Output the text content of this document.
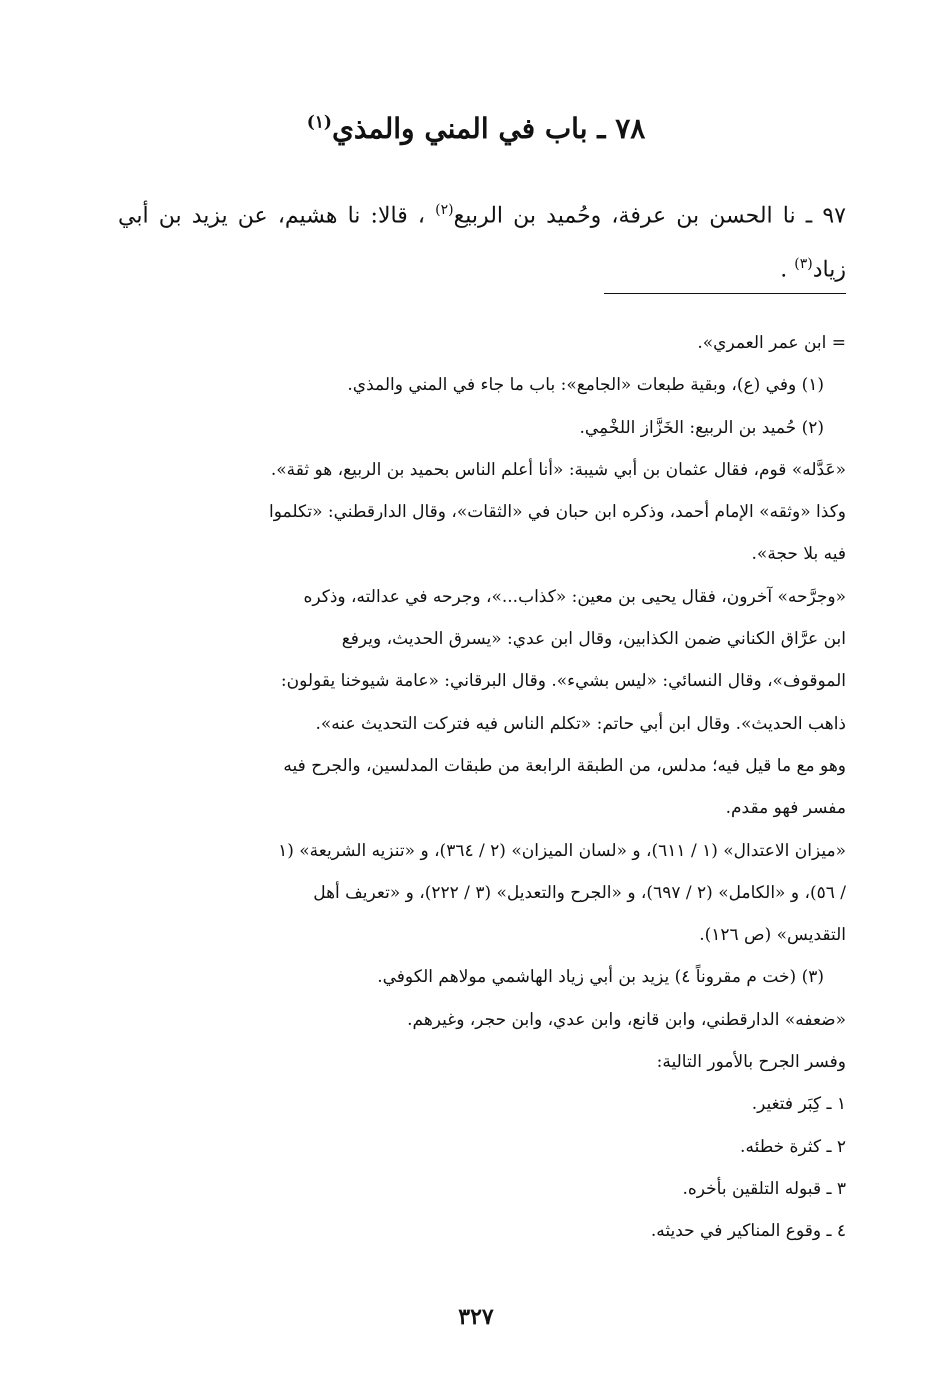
٧٨ ـ باب في المني والمذي$^{(١)}$
٩٧ ـ نا الحسن بن عرفة، وحُميد بن الربيع$^{(٢)}$ ، قالا: نا هشيم، عن يزيد بن أبي زياد$^{(٣)}$ .
= ابن عمر العمري».
(١) وفي (ع)، وبقية طبعات «الجامع»: باب ما جاء في المني والمذي.
(٢) حُميد بن الربيع: الخَزَّاز اللخْمِي.
«عَدَّله» قوم، فقال عثمان بن أبي شيبة: «أنا أعلم الناس بحميد بن الربيع، هو ثقة».
وكذا «وثقه» الإمام أحمد، وذكره ابن حبان في «الثقات»، وقال الدارقطني: «تكلموا
فيه بلا حجة».
«وجرَّحه» آخرون، فقال يحيى بن معين: «كذاب...»، وجرحه في عدالته، وذكره
ابن عرَّاق الكناني ضمن الكذابين، وقال ابن عدي: «يسرق الحديث، ويرفع
الموقوف»، وقال النسائي: «ليس بشيء». وقال البرقاني: «عامة شيوخنا يقولون:
ذاهب الحديث». وقال ابن أبي حاتم: «تكلم الناس فيه فتركت التحديث عنه».
وهو مع ما قيل فيه؛ مدلس، من الطبقة الرابعة من طبقات المدلسين، والجرح فيه
مفسر فهو مقدم.
«ميزان الاعتدال» (١ / ٦١١)، و «لسان الميزان» (٢ / ٣٦٤)، و «تنزيه الشريعة» (١
/ ٥٦)، و «الكامل» (٢ / ٦٩٧)، و «الجرح والتعديل» (٣ / ٢٢٢)، و «تعريف أهل
التقديس» (ص ١٢٦).
(٣) (خت م مقروناً ٤) يزيد بن أبي زياد الهاشمي مولاهم الكوفي.
«ضعفه» الدارقطني، وابن قانع، وابن عدي، وابن حجر، وغيرهم.
وفسر الجرح بالأمور التالية:
١ ـ كِبَر فتغير.
٢ ـ كثرة خطئه.
٣ ـ قبوله التلقين بأخره.
٤ ـ وقوع المناكير في حديثه.
٣٢٧
